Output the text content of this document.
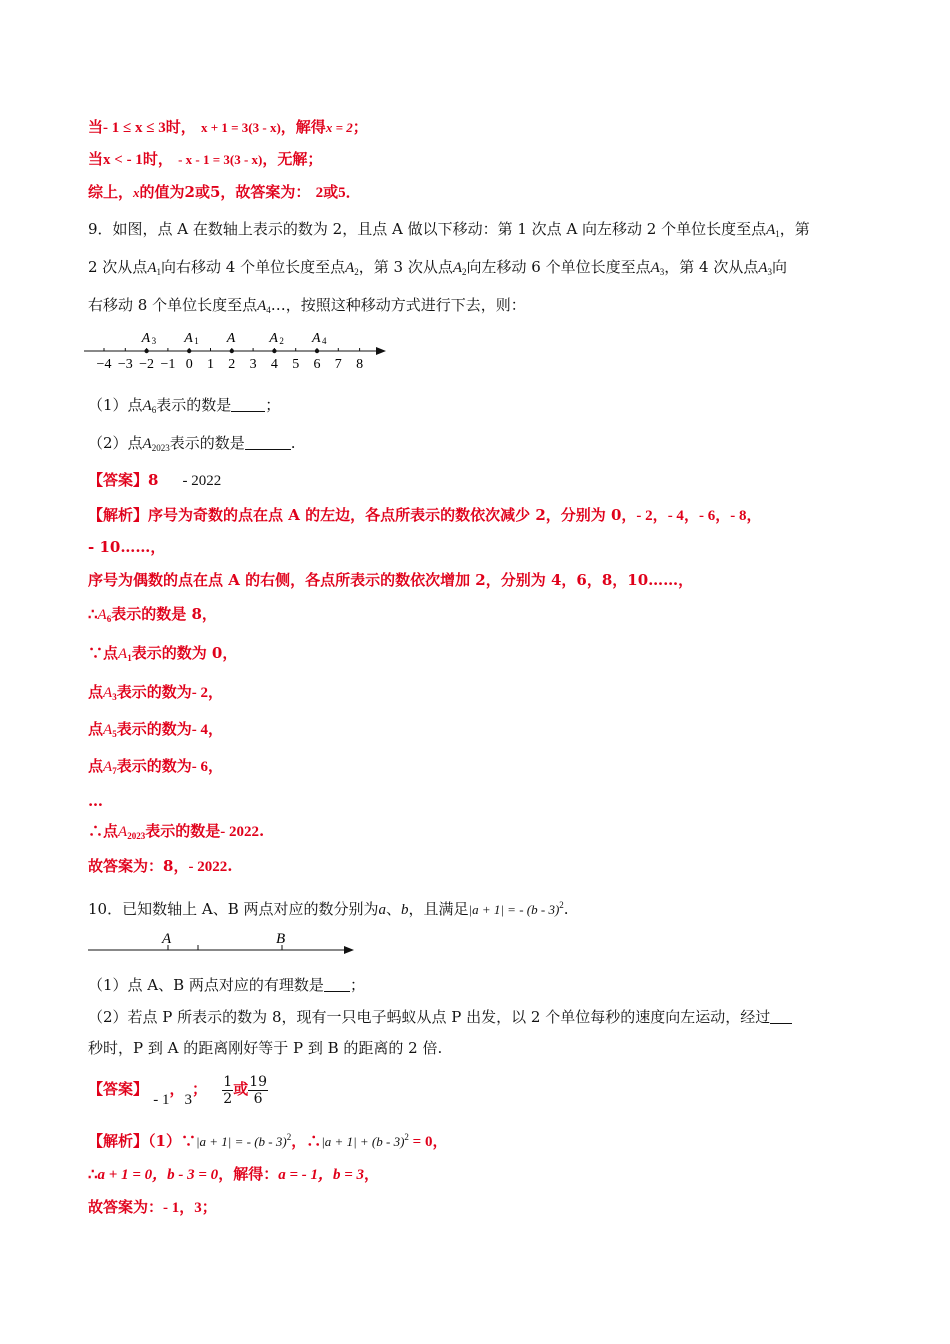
当- 1 ≤ x ≤ 3时， x + 1 = 3(3 - x)，解得x = 2；
当x < - 1时， - x - 1 = 3(3 - x)，无解；
综上，x的值为2或5，故答案为： 2或5．
9．如图，点 A 在数轴上表示的数为 2，且点 A 做以下移动：第 1 次点 A 向左移动 2 个单位长度至点$A_1$，第
2 次从点$A_1$向右移动 4 个单位长度至点$A_2$，第 3 次从点$A_2$向左移动 6 个单位长度至点$A_3$，第 4 次从点$A_3$向
右移动 8 个单位长度至点$A_4\dots$，按照这种移动方式进行下去，则：
−4 −3 −2 −1 0 1 2 3 4 5 6 7 8
A 3 A 1 A A 2 A 4
（1）点$A_6$表示的数是 ；
（2）点$A_{2023}$表示的数是	.
【答案】8 - 2022
【解析】序号为奇数的点在点 A 的左边，各点所表示的数依次减少 2，分别为 0，- 2，- 4，- 6，- 8，
- 10……，
序号为偶数的点在点 A 的右侧，各点所表示的数依次增加 2，分别为 4，6，8，10……，
$\therefore A_6$表示的数是 8，
∵点$A_1$表示的数为 0，
点$A_3$表示的数为- 2，
点$A_5$表示的数为- 4，
点$A_7$表示的数为- 6，
…
∴点$A_{2023}$表示的数是- 2022.
故答案为：8，- 2022.
10．已知数轴上 A、B 两点对应的数分别为a、b，且满足|a + 1| = - (b - 3)$^2$.
A	B
（1）点 A、B 两点对应的有理数是 ；
（2）若点 P 所表示的数为 8，现有一只电子蚂蚁从点 P 出发，以 2 个单位每秒的速度向左运动，经过
秒时，P 到 A 的距离刚好等于 P 到 B 的距离的 2 倍.
【答案】 - 1，3； $\frac{1}{2}$ 或 $\frac{19}{6}$
【解析】（1）∵|a + 1| = - (b - 3)$^2$，∴|a + 1| + (b - 3)$^2$ = 0，
∴a + 1 = 0，b - 3 = 0，解得：a = - 1，b = 3，
故答案为：- 1，3；
